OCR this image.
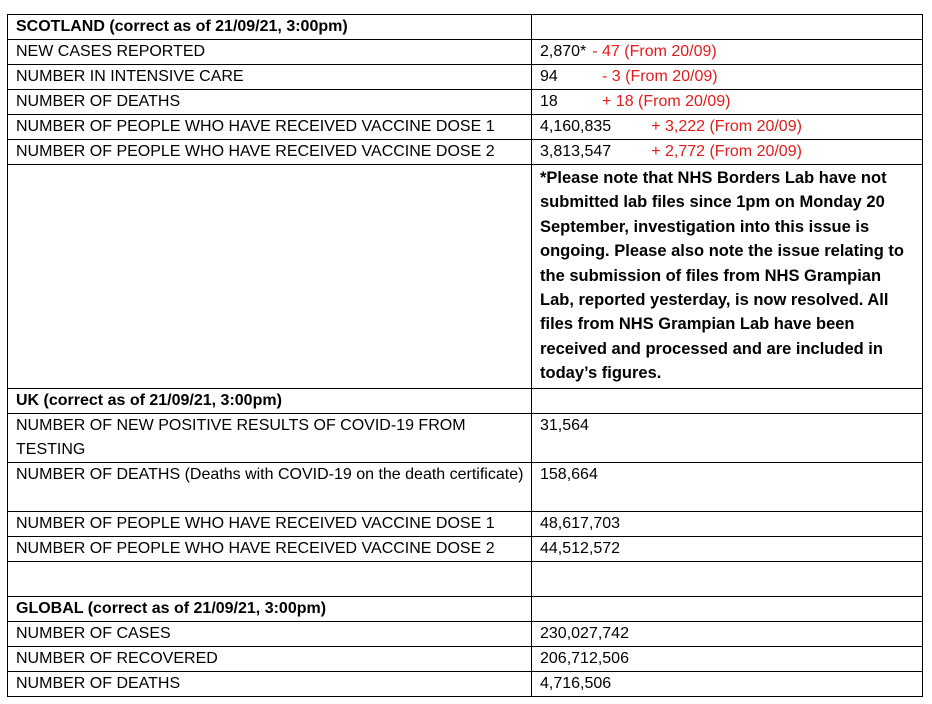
SCOTLAND (correct as of 21/09/21, 3:00pm)	
NEW CASES REPORTED	2,870* - 47 (From 20/09)
NUMBER IN INTENSIVE CARE	94 - 3 (From 20/09)
NUMBER OF DEATHS	18 + 18 (From 20/09)
NUMBER OF PEOPLE WHO HAVE RECEIVED VACCINE DOSE 1	4,160,835 + 3,222 (From 20/09)
NUMBER OF PEOPLE WHO HAVE RECEIVED VACCINE DOSE 2	3,813,547 + 2,772 (From 20/09)
	*Please note that NHS Borders Lab have not submitted lab files since 1pm on Monday 20 September, investigation into this issue is ongoing. Please also note the issue relating to the submission of files from NHS Grampian Lab, reported yesterday, is now resolved. All files from NHS Grampian Lab have been received and processed and are included in today’s figures.
UK (correct as of 21/09/21, 3:00pm)	
NUMBER OF NEW POSITIVE RESULTS OF COVID-19 FROM TESTING	31,564
NUMBER OF DEATHS (Deaths with COVID-19 on the death certificate)	158,664
NUMBER OF PEOPLE WHO HAVE RECEIVED VACCINE DOSE 1	48,617,703
NUMBER OF PEOPLE WHO HAVE RECEIVED VACCINE DOSE 2	44,512,572

GLOBAL (correct as of 21/09/21, 3:00pm)	
NUMBER OF CASES	230,027,742
NUMBER OF RECOVERED	206,712,506
NUMBER OF DEATHS	4,716,506
